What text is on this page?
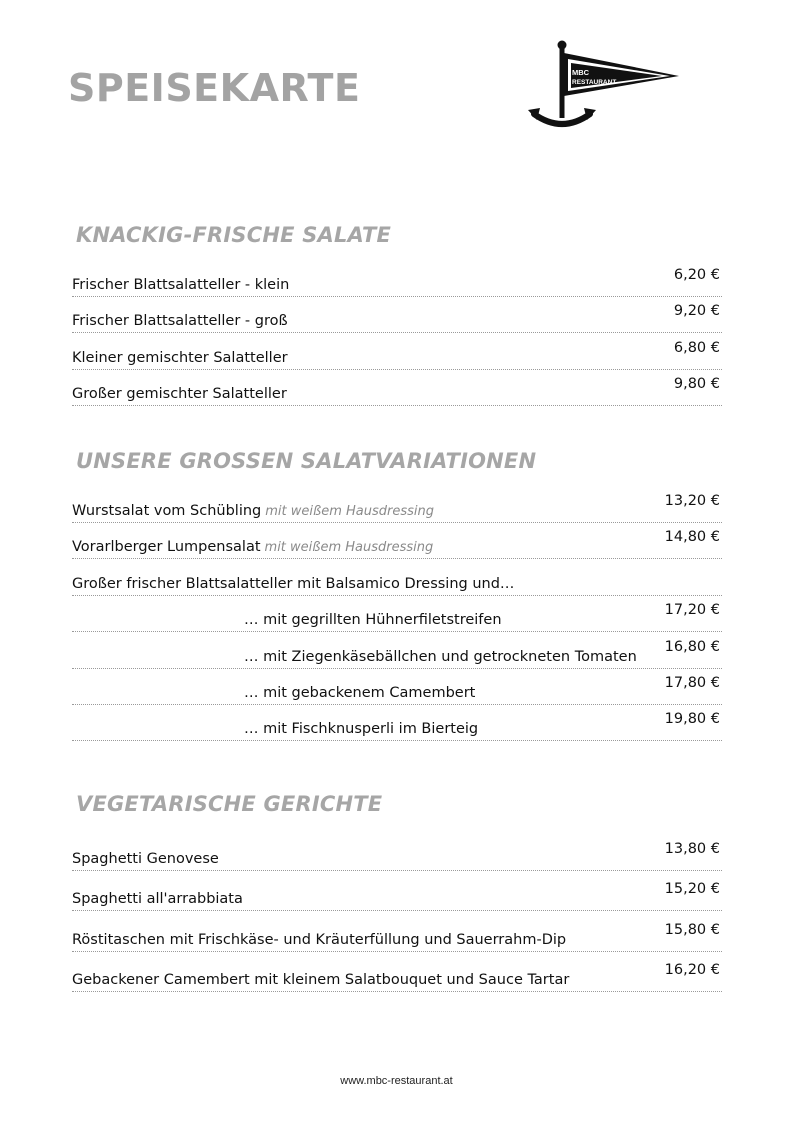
SPEISEKARTE	MBC
RESTAURANT
KNACKIG-FRISCHE SALATE
Frischer Blattsalatteller - klein
6,20 €
Frischer Blattsalatteller - groß
9,20 €
Kleiner gemischter Salatteller
6,80 €
Großer gemischter Salatteller
9,80 €
UNSERE GROSSEN SALATVARIATIONEN
Wurstsalat vom Schübling mit weißem Hausdressing
13,20 €
Vorarlberger Lumpensalat mit weißem Hausdressing
14,80 €
Großer frischer Blattsalatteller mit Balsamico Dressing und…
… mit gegrillten Hühnerfiletstreifen
17,20 €
… mit Ziegenkäsebällchen und getrockneten Tomaten
16,80 €
… mit gebackenem Camembert
17,80 €
… mit Fischknusperli im Bierteig
19,80 €
VEGETARISCHE GERICHTE
Spaghetti Genovese
13,80 €
Spaghetti all'arrabbiata
15,20 €
Röstitaschen mit Frischkäse- und Kräuterfüllung und Sauerrahm-Dip
15,80 €
Gebackener Camembert mit kleinem Salatbouquet und Sauce Tartar
16,20 €
www.mbc-restaurant.at
